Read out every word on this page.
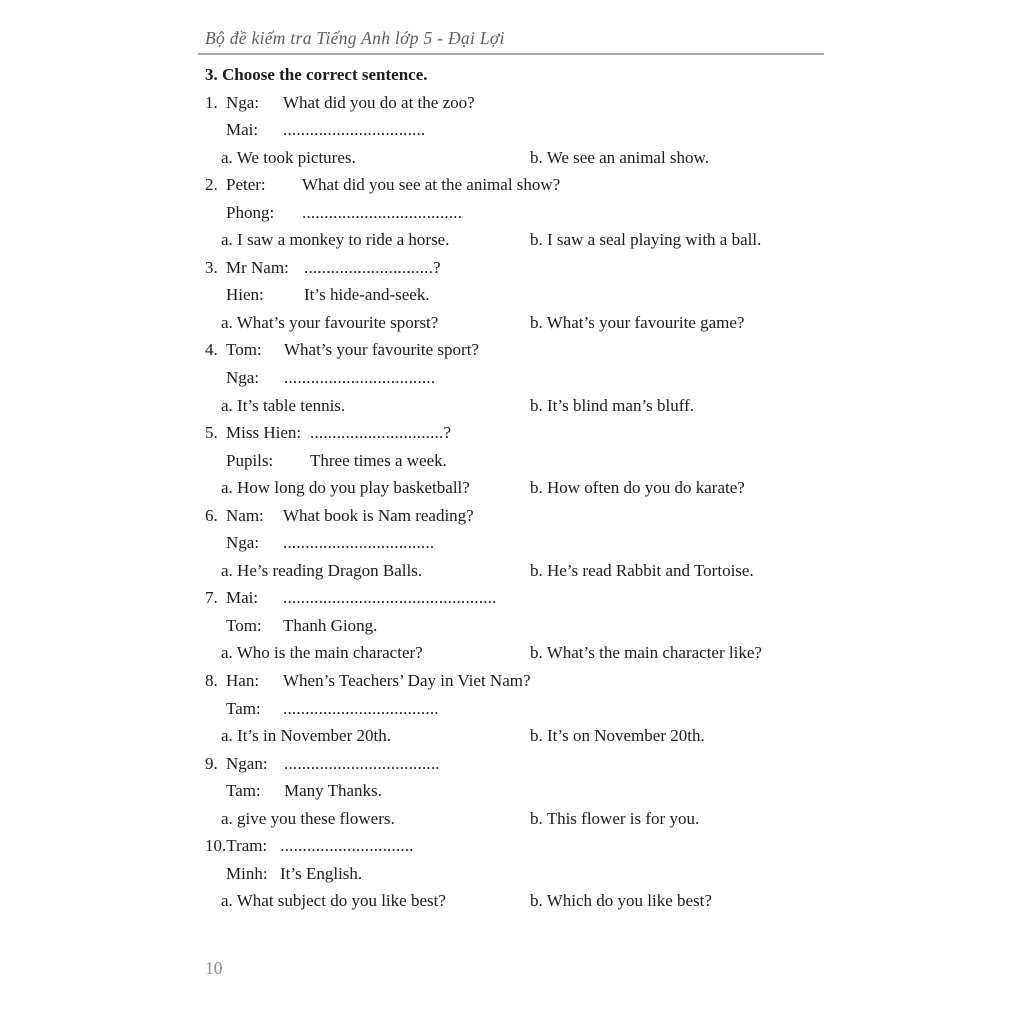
Bộ đề kiểm tra Tiếng Anh lớp 5 - Đại Lợi
3. Choose the correct sentence.
1. Nga:	What did you do at the zoo?
Mai:	................................
a. We took pictures.	b. We see an animal show.
2. Peter:	What did you see at the animal show?
Phong:	....................................
a. I saw a monkey to ride a horse.	b. I saw a seal playing with a ball.
3. Mr Nam: .............................?
Hien:	It’s hide-and-seek.
a. What’s your favourite sporst?	b. What’s your favourite game?
4. Tom:	What’s your favourite sport?
Nga:	..................................
a. It’s table tennis.	b. It’s blind man’s bluff.
5. Miss Hien: ..............................?
Pupils:	Three times a week.
a. How long do you play basketball?	b. How often do you do karate?
6. Nam:	What book is Nam reading?
Nga:	..................................
a. He’s reading Dragon Balls.	b. He’s read Rabbit and Tortoise.
7. Mai:	................................................
Tom:	Thanh Giong.
a. Who is the main character?	b. What’s the main character like?
8. Han:	When’s Teachers’ Day in Viet Nam?
Tam:	...................................
a. It’s in November 20th.	b. It’s on November 20th.
9. Ngan: ...................................
Tam:	Many Thanks.
a. give you these flowers.	b. This flower is for you.
10. Tram: ..............................
Minh: It’s English.
a. What subject do you like best?	b. Which do you like best?
10
